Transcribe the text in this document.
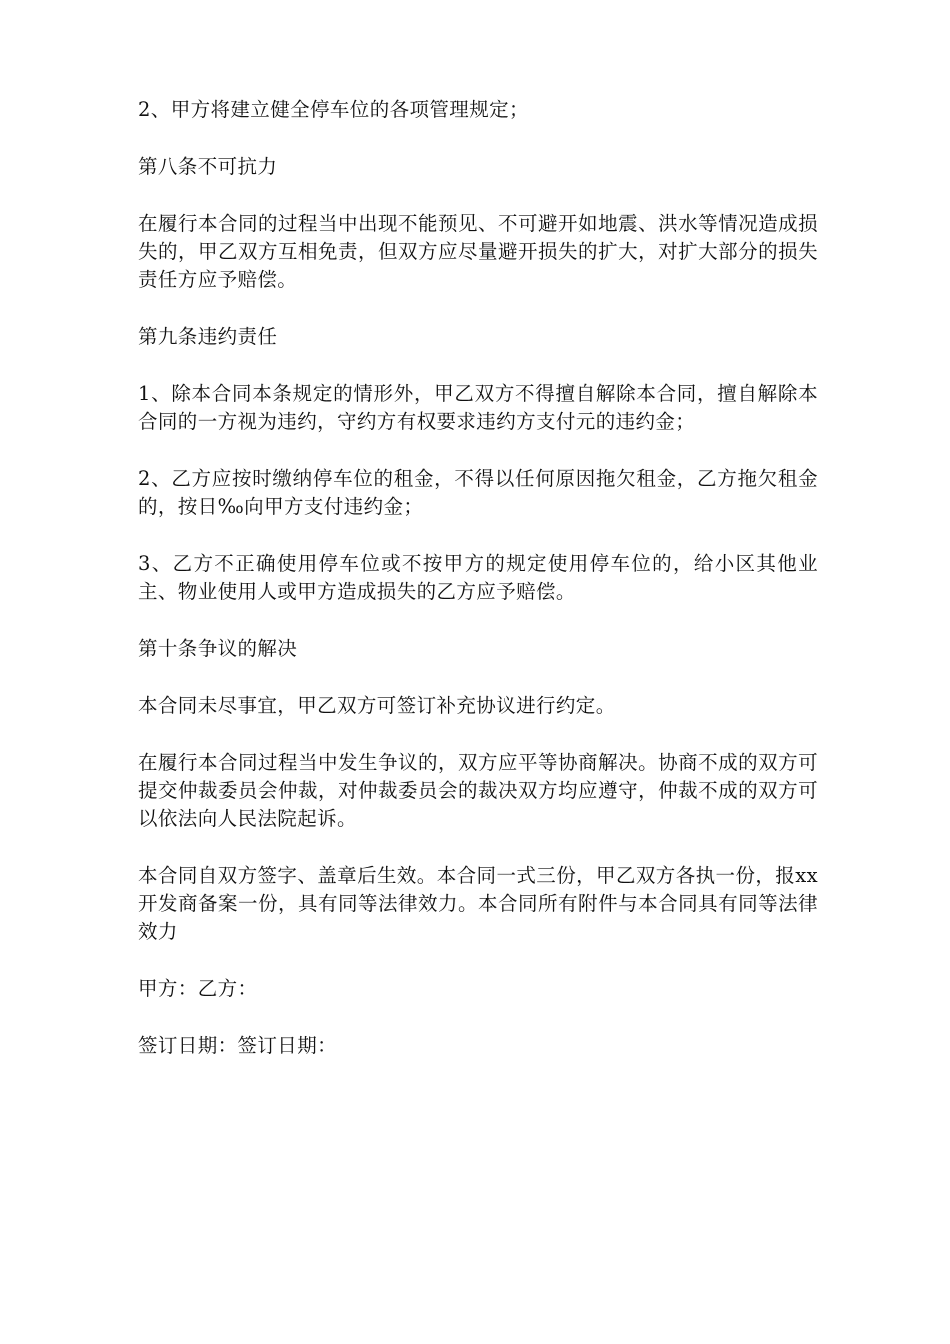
2、甲方将建立健全停车位的各项管理规定；

第八条不可抗力

在履行本合同的过程当中出现不能预见、不可避开如地震、洪水等情况造成损失的，甲乙双方互相免责，但双方应尽量避开损失的扩大，对扩大部分的损失责任方应予赔偿。

第九条违约责任

1、除本合同本条规定的情形外，甲乙双方不得擅自解除本合同，擅自解除本合同的一方视为违约，守约方有权要求违约方支付元的违约金；

2、乙方应按时缴纳停车位的租金，不得以任何原因拖欠租金，乙方拖欠租金的，按日‰向甲方支付违约金；

3、乙方不正确使用停车位或不按甲方的规定使用停车位的，给小区其他业主、物业使用人或甲方造成损失的乙方应予赔偿。

第十条争议的解决

本合同未尽事宜，甲乙双方可签订补充协议进行约定。

在履行本合同过程当中发生争议的，双方应平等协商解决。协商不成的双方可提交仲裁委员会仲裁，对仲裁委员会的裁决双方均应遵守，仲裁不成的双方可以依法向人民法院起诉。

本合同自双方签字、盖章后生效。本合同一式三份，甲乙双方各执一份，报xx开发商备案一份，具有同等法律效力。本合同所有附件与本合同具有同等法律效力

甲方：乙方：

签订日期：签订日期：
